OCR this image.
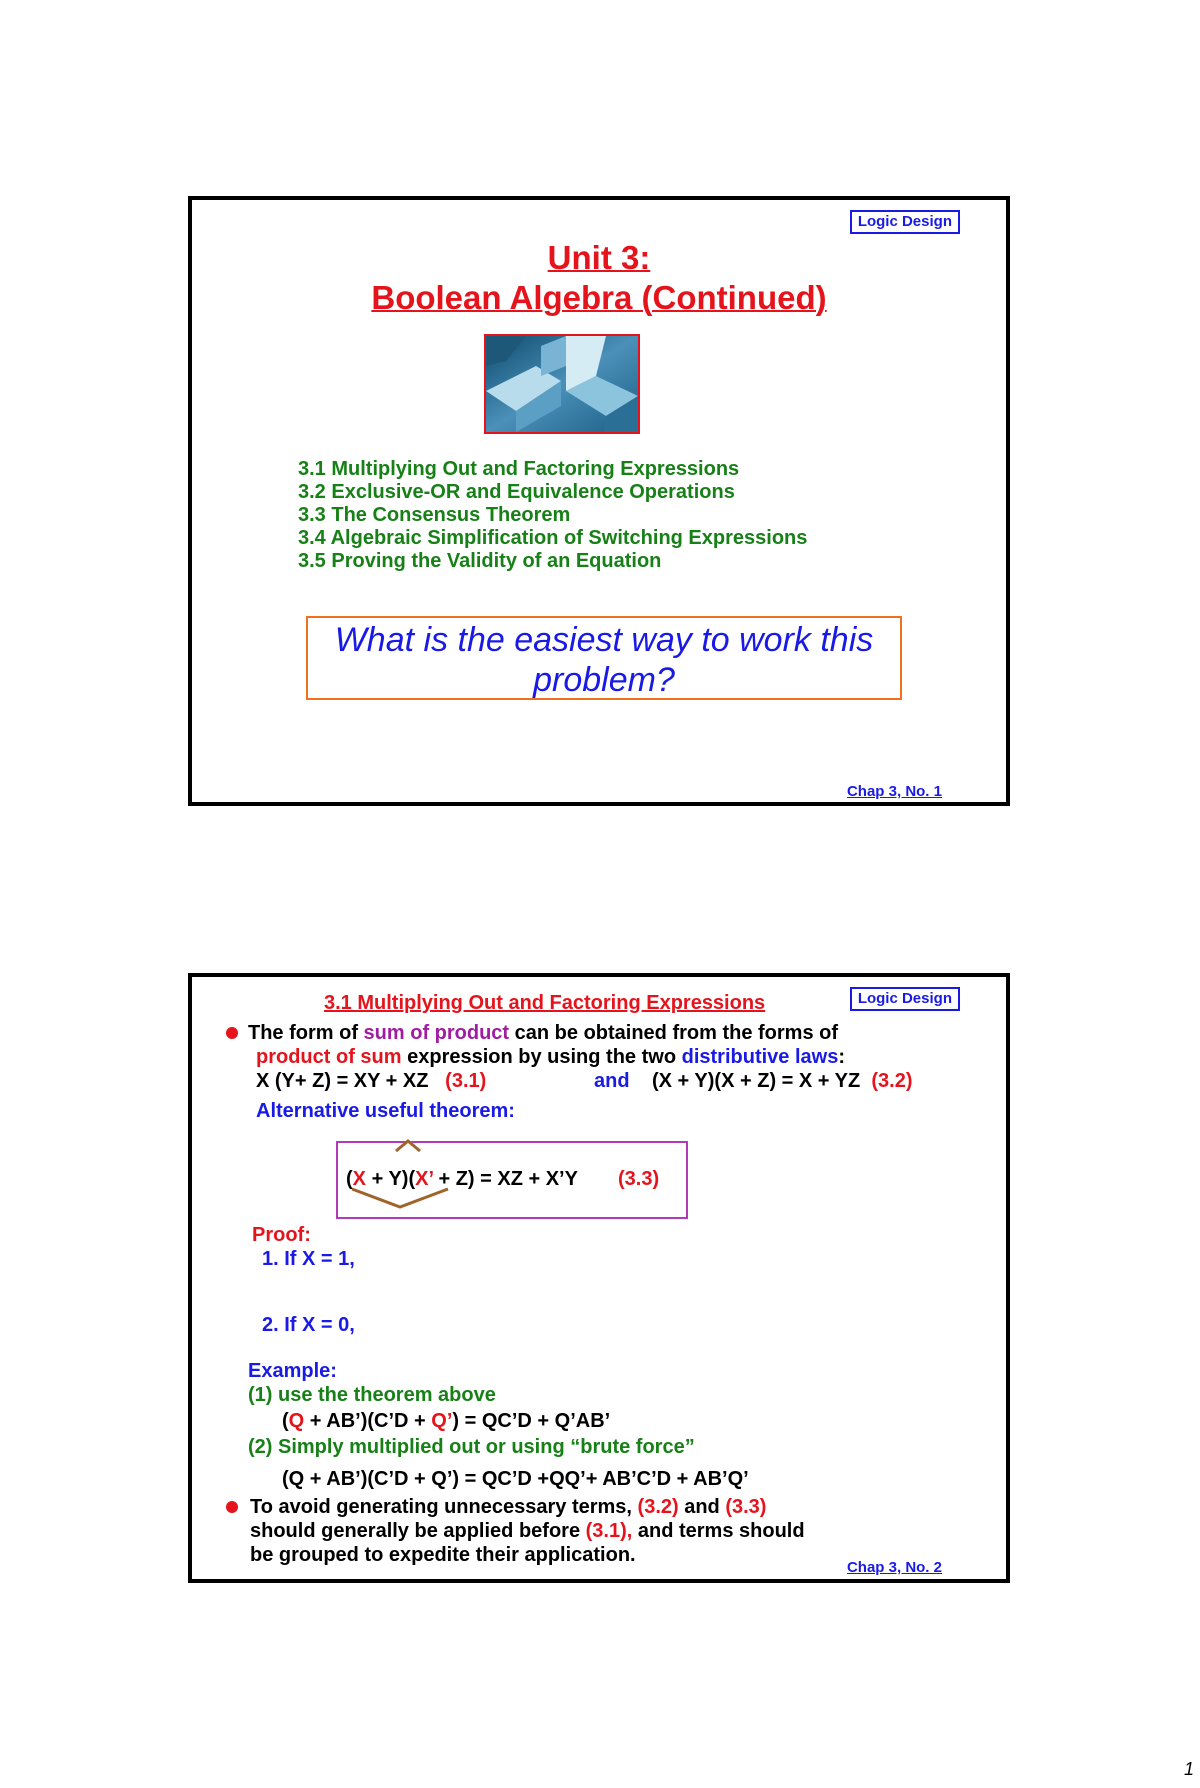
Logic Design
Unit 3:
Boolean Algebra (Continued)
3.1 Multiplying Out and Factoring Expressions
3.2 Exclusive-OR and Equivalence Operations
3.3 The Consensus Theorem
3.4 Algebraic Simplification of Switching Expressions
3.5 Proving the Validity of an Equation
What is the easiest way to work this
problem?
Chap 3, No. 1
Logic Design
3.1 Multiplying Out and Factoring Expressions
The form of sum of product can be obtained from the forms of
product of sum expression by using the two distributive laws:
X (Y+ Z) = XY + XZ (3.1)	and (X + Y)(X + Z) = X + YZ (3.2)
Alternative useful theorem:
(X + Y)(X’ + Z) = XZ + X’Y (3.3)
Proof:
1. If X = 1,
2. If X = 0,
Example:
(1) use the theorem above
(Q + AB’)(C’D + Q’) = QC’D + Q’AB’
(2) Simply multiplied out or using “brute force”
(Q + AB’)(C’D + Q’) = QC’D +QQ’+ AB’C’D + AB’Q’
To avoid generating unnecessary terms, (3.2) and (3.3)
should generally be applied before (3.1), and terms should
be grouped to expedite their application.
Chap 3, No. 2
1
